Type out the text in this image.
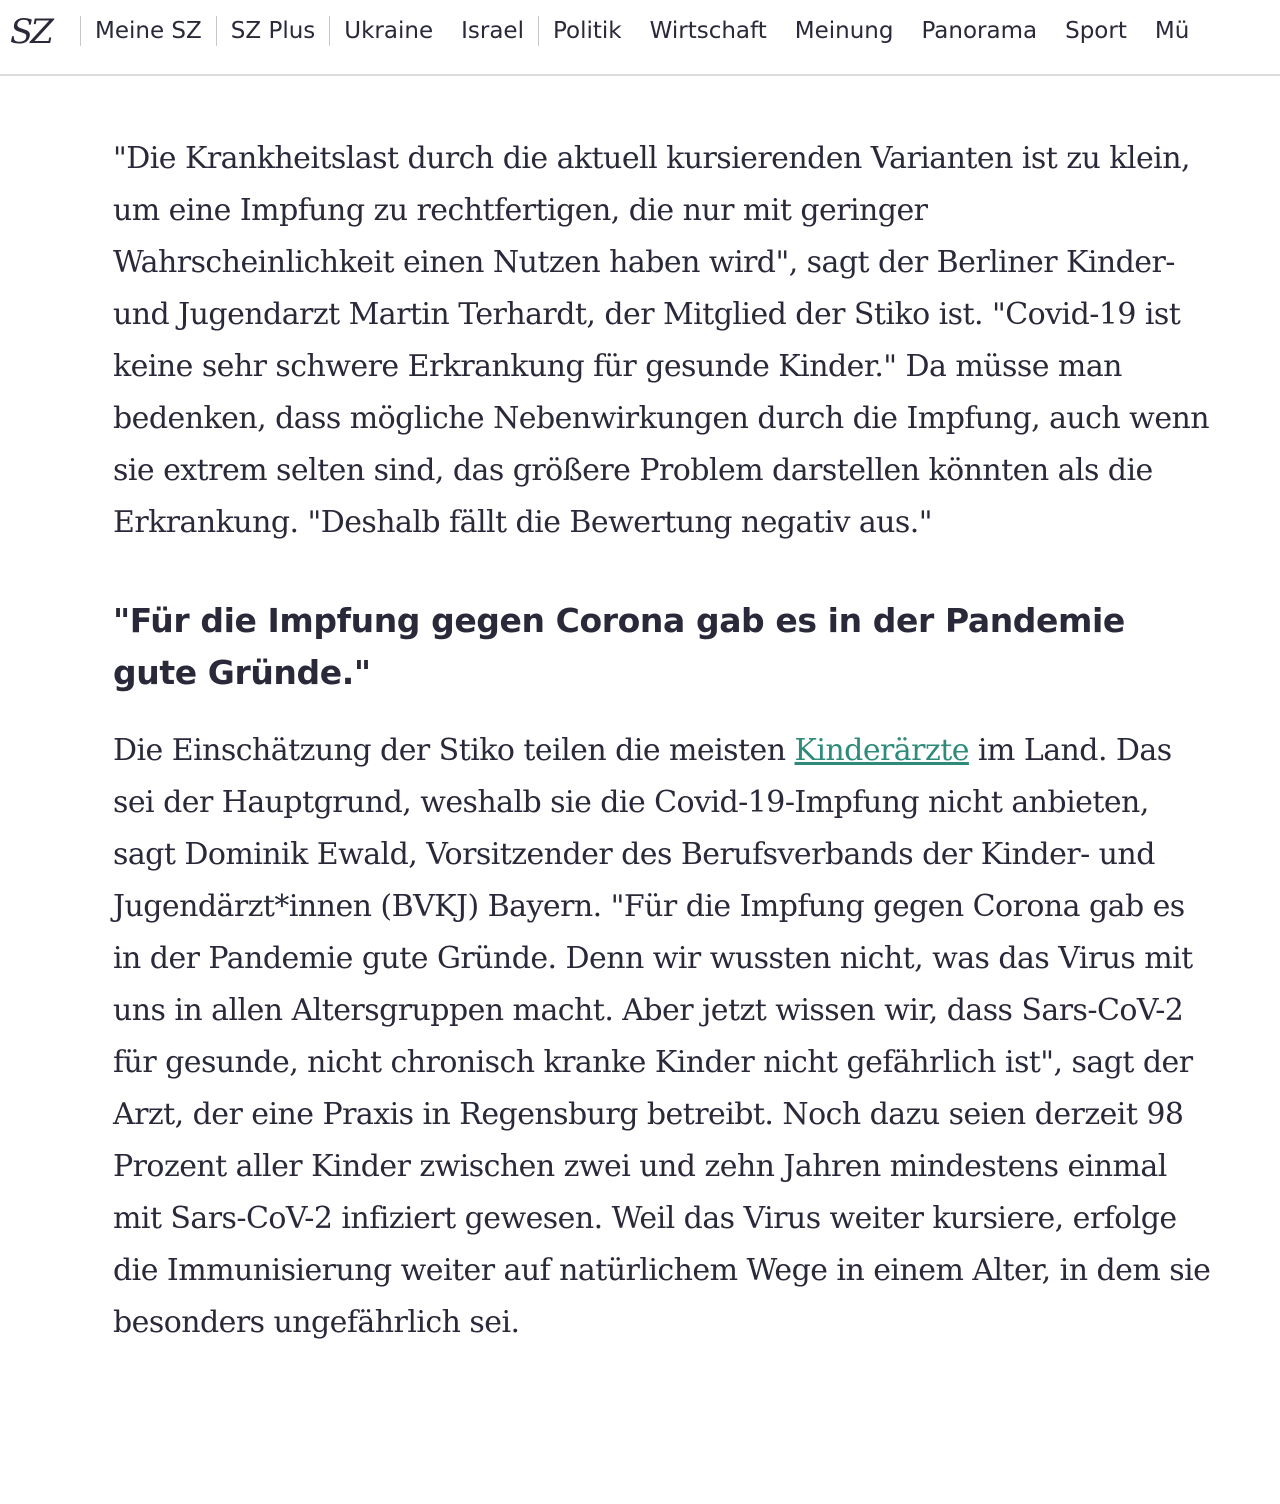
SZ	Meine SZ	SZ Plus	Ukraine	Israel	Politik	Wirtschaft	Meinung	Panorama	Sport	Mü

"Die Krankheitslast durch die aktuell kursierenden Varianten ist zu klein, um eine Impfung zu rechtfertigen, die nur mit geringer Wahrscheinlichkeit einen Nutzen haben wird", sagt der Berliner Kinder- und Jugendarzt Martin Terhardt, der Mitglied der Stiko ist. "Covid-19 ist keine sehr schwere Erkrankung für gesunde Kinder." Da müsse man bedenken, dass mögliche Nebenwirkungen durch die Impfung, auch wenn sie extrem selten sind, das größere Problem darstellen könnten als die Erkrankung. "Deshalb fällt die Bewertung negativ aus."

"Für die Impfung gegen Corona gab es in der Pandemie gute Gründe."

Die Einschätzung der Stiko teilen die meisten Kinderärzte im Land. Das sei der Hauptgrund, weshalb sie die Covid-19-Impfung nicht anbieten, sagt Dominik Ewald, Vorsitzender des Berufsverbands der Kinder- und Jugendärzt*innen (BVKJ) Bayern. "Für die Impfung gegen Corona gab es in der Pandemie gute Gründe. Denn wir wussten nicht, was das Virus mit uns in allen Altersgruppen macht. Aber jetzt wissen wir, dass Sars-CoV-2 für gesunde, nicht chronisch kranke Kinder nicht gefährlich ist", sagt der Arzt, der eine Praxis in Regensburg betreibt. Noch dazu seien derzeit 98 Prozent aller Kinder zwischen zwei und zehn Jahren mindestens einmal mit Sars-CoV-2 infiziert gewesen. Weil das Virus weiter kursiere, erfolge die Immunisierung weiter auf natürlichem Wege in einem Alter, in dem sie besonders ungefährlich sei.
